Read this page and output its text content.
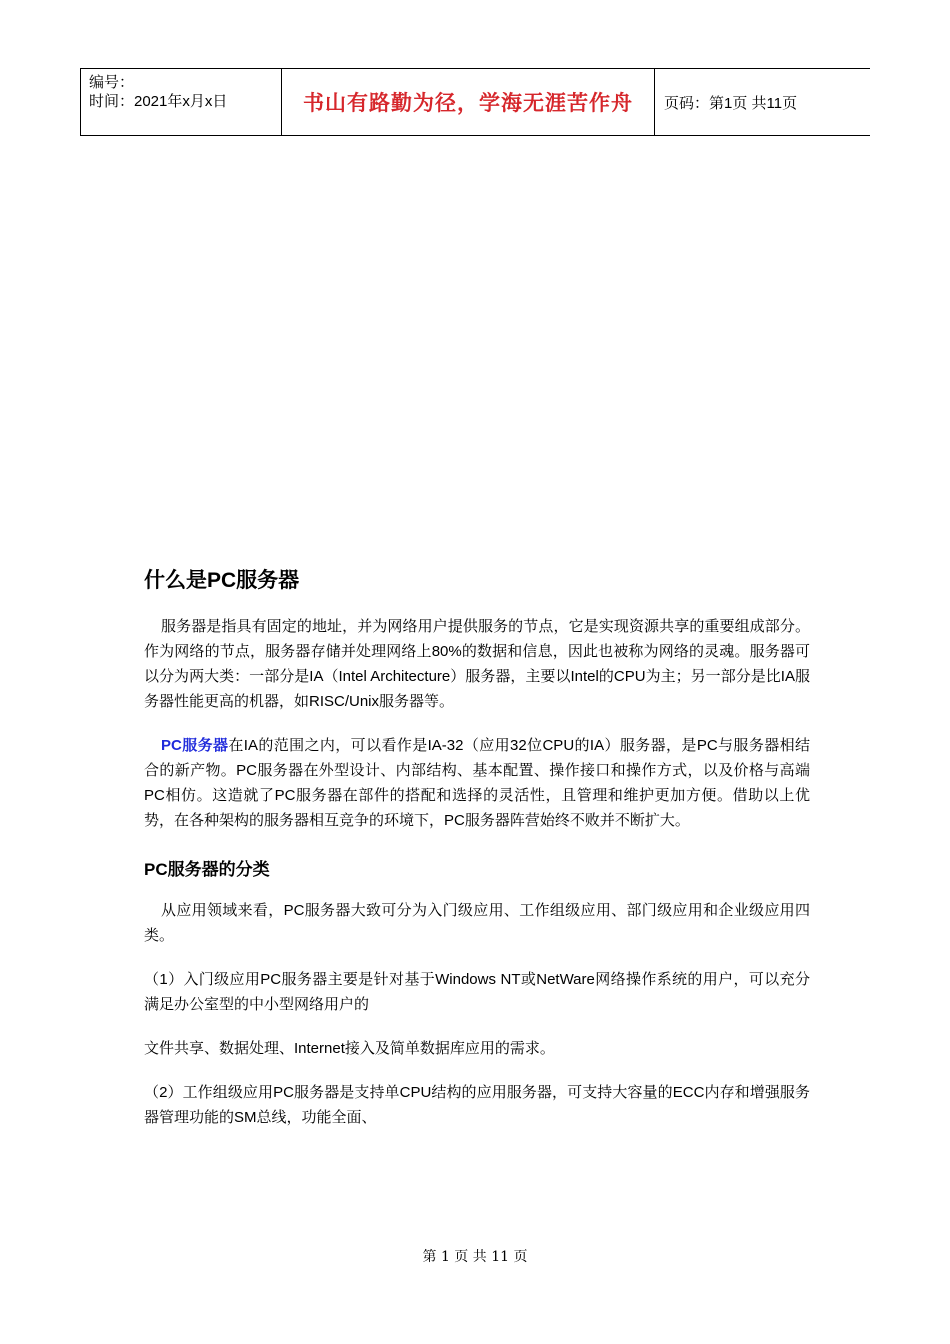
编号：
时间：2021年x月x日	书山有路勤为径，学海无涯苦作舟 页码：第1页 共11页
什么是PC服务器

服务器是指具有固定的地址，并为网络用户提供服务的节点，它是实现资源共享的重要组成部分。作为网络的节点，服务器存储并处理网络上80%的数据和信息，因此也被称为网络的灵魂。服务器可以分为两大类：一部分是IA（Intel Architecture）服务器，主要以Intel的CPU为主；另一部分是比IA服务器性能更高的机器，如RISC/Unix服务器等。

PC服务器在IA的范围之内，可以看作是IA-32（应用32位CPU的IA）服务器，是PC与服务器相结合的新产物。PC服务器在外型设计、内部结构、基本配置、操作接口和操作方式，以及价格与高端PC相仿。这造就了PC服务器在部件的搭配和选择的灵活性，且管理和维护更加方便。借助以上优势，在各种架构的服务器相互竞争的环境下，PC服务器阵营始终不败并不断扩大。

PC服务器的分类

从应用领域来看，PC服务器大致可分为入门级应用、工作组级应用、部门级应用和企业级应用四类。

（1）入门级应用PC服务器主要是针对基于Windows NT或NetWare网络操作系统的用户，可以充分满足办公室型的中小型网络用户的

文件共享、数据处理、Internet接入及简单数据库应用的需求。

（2）工作组级应用PC服务器是支持单CPU结构的应用服务器，可支持大容量的ECC内存和增强服务器管理功能的SM总线，功能全面、

第 1 页 共 11 页
